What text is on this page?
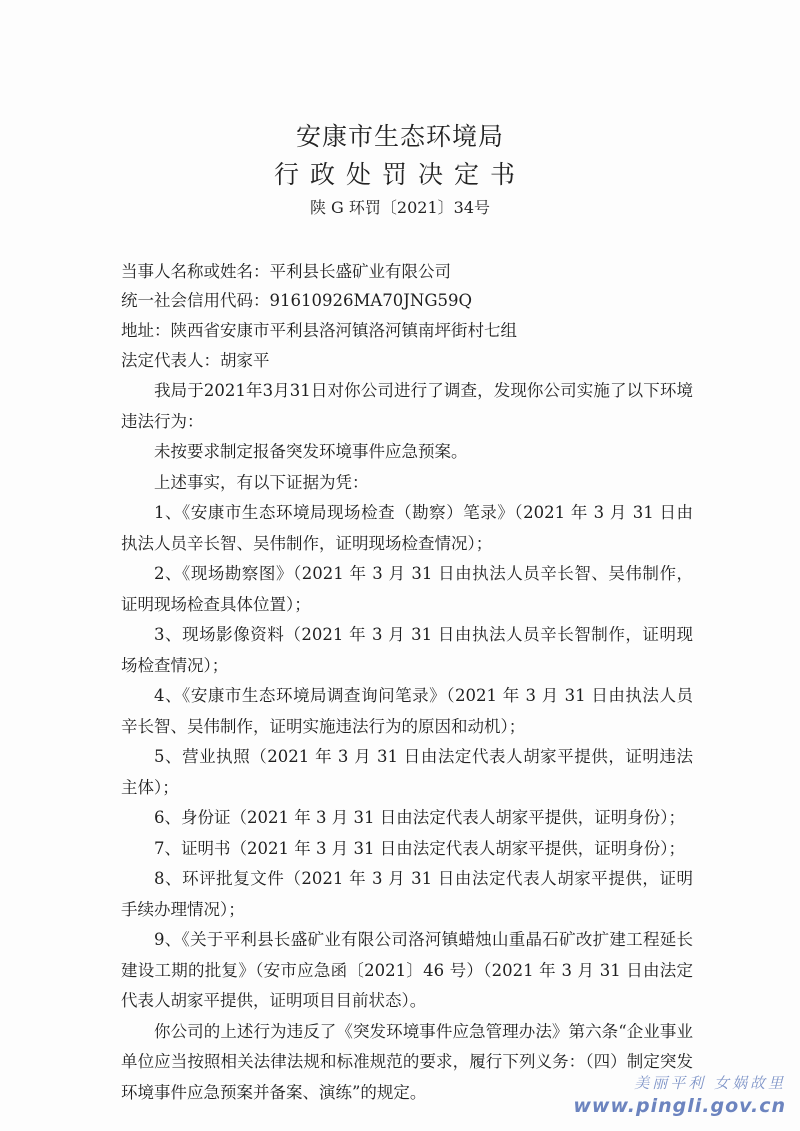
安康市生态环境局
行政处罚决定书
陕 G 环罚〔2021〕34号
当事人名称或姓名：平利县长盛矿业有限公司
统一社会信用代码：91610926MA70JNG59Q
地址：陕西省安康市平利县洛河镇洛河镇南坪街村七组
法定代表人：胡家平

我局于2021年3月31日对你公司进行了调查，发现你公司实施了以下环境违法行为：

未按要求制定报备突发环境事件应急预案。

上述事实，有以下证据为凭：

1、《安康市生态环境局现场检查（勘察）笔录》（2021 年 3 月 31 日由执法人员辛长智、吴伟制作，证明现场检查情况）；

2、《现场勘察图》（2021 年 3 月 31 日由执法人员辛长智、吴伟制作，证明现场检查具体位置）；

3、现场影像资料（2021 年 3 月 31 日由执法人员辛长智制作，证明现场检查情况）；

4、《安康市生态环境局调查询问笔录》（2021 年 3 月 31 日由执法人员辛长智、吴伟制作，证明实施违法行为的原因和动机）；

5、营业执照（2021 年 3 月 31 日由法定代表人胡家平提供，证明违法主体）；

6、身份证（2021 年 3 月 31 日由法定代表人胡家平提供，证明身份）；

7、证明书（2021 年 3 月 31 日由法定代表人胡家平提供，证明身份）；

8、环评批复文件（2021 年 3 月 31 日由法定代表人胡家平提供，证明手续办理情况）；

9、《关于平利县长盛矿业有限公司洛河镇蜡烛山重晶石矿改扩建工程延长建设工期的批复》（安市应急函〔2021〕46 号）（2021 年 3 月 31 日由法定代表人胡家平提供，证明项目目前状态）。

你公司的上述行为违反了《突发环境事件应急管理办法》第六条“企业事业单位应当按照相关法律法规和标准规范的要求，履行下列义务：（四）制定突发环境事件应急预案并备案、演练”的规定。	美丽平利 女娲故里
www.pingli.gov.cn
